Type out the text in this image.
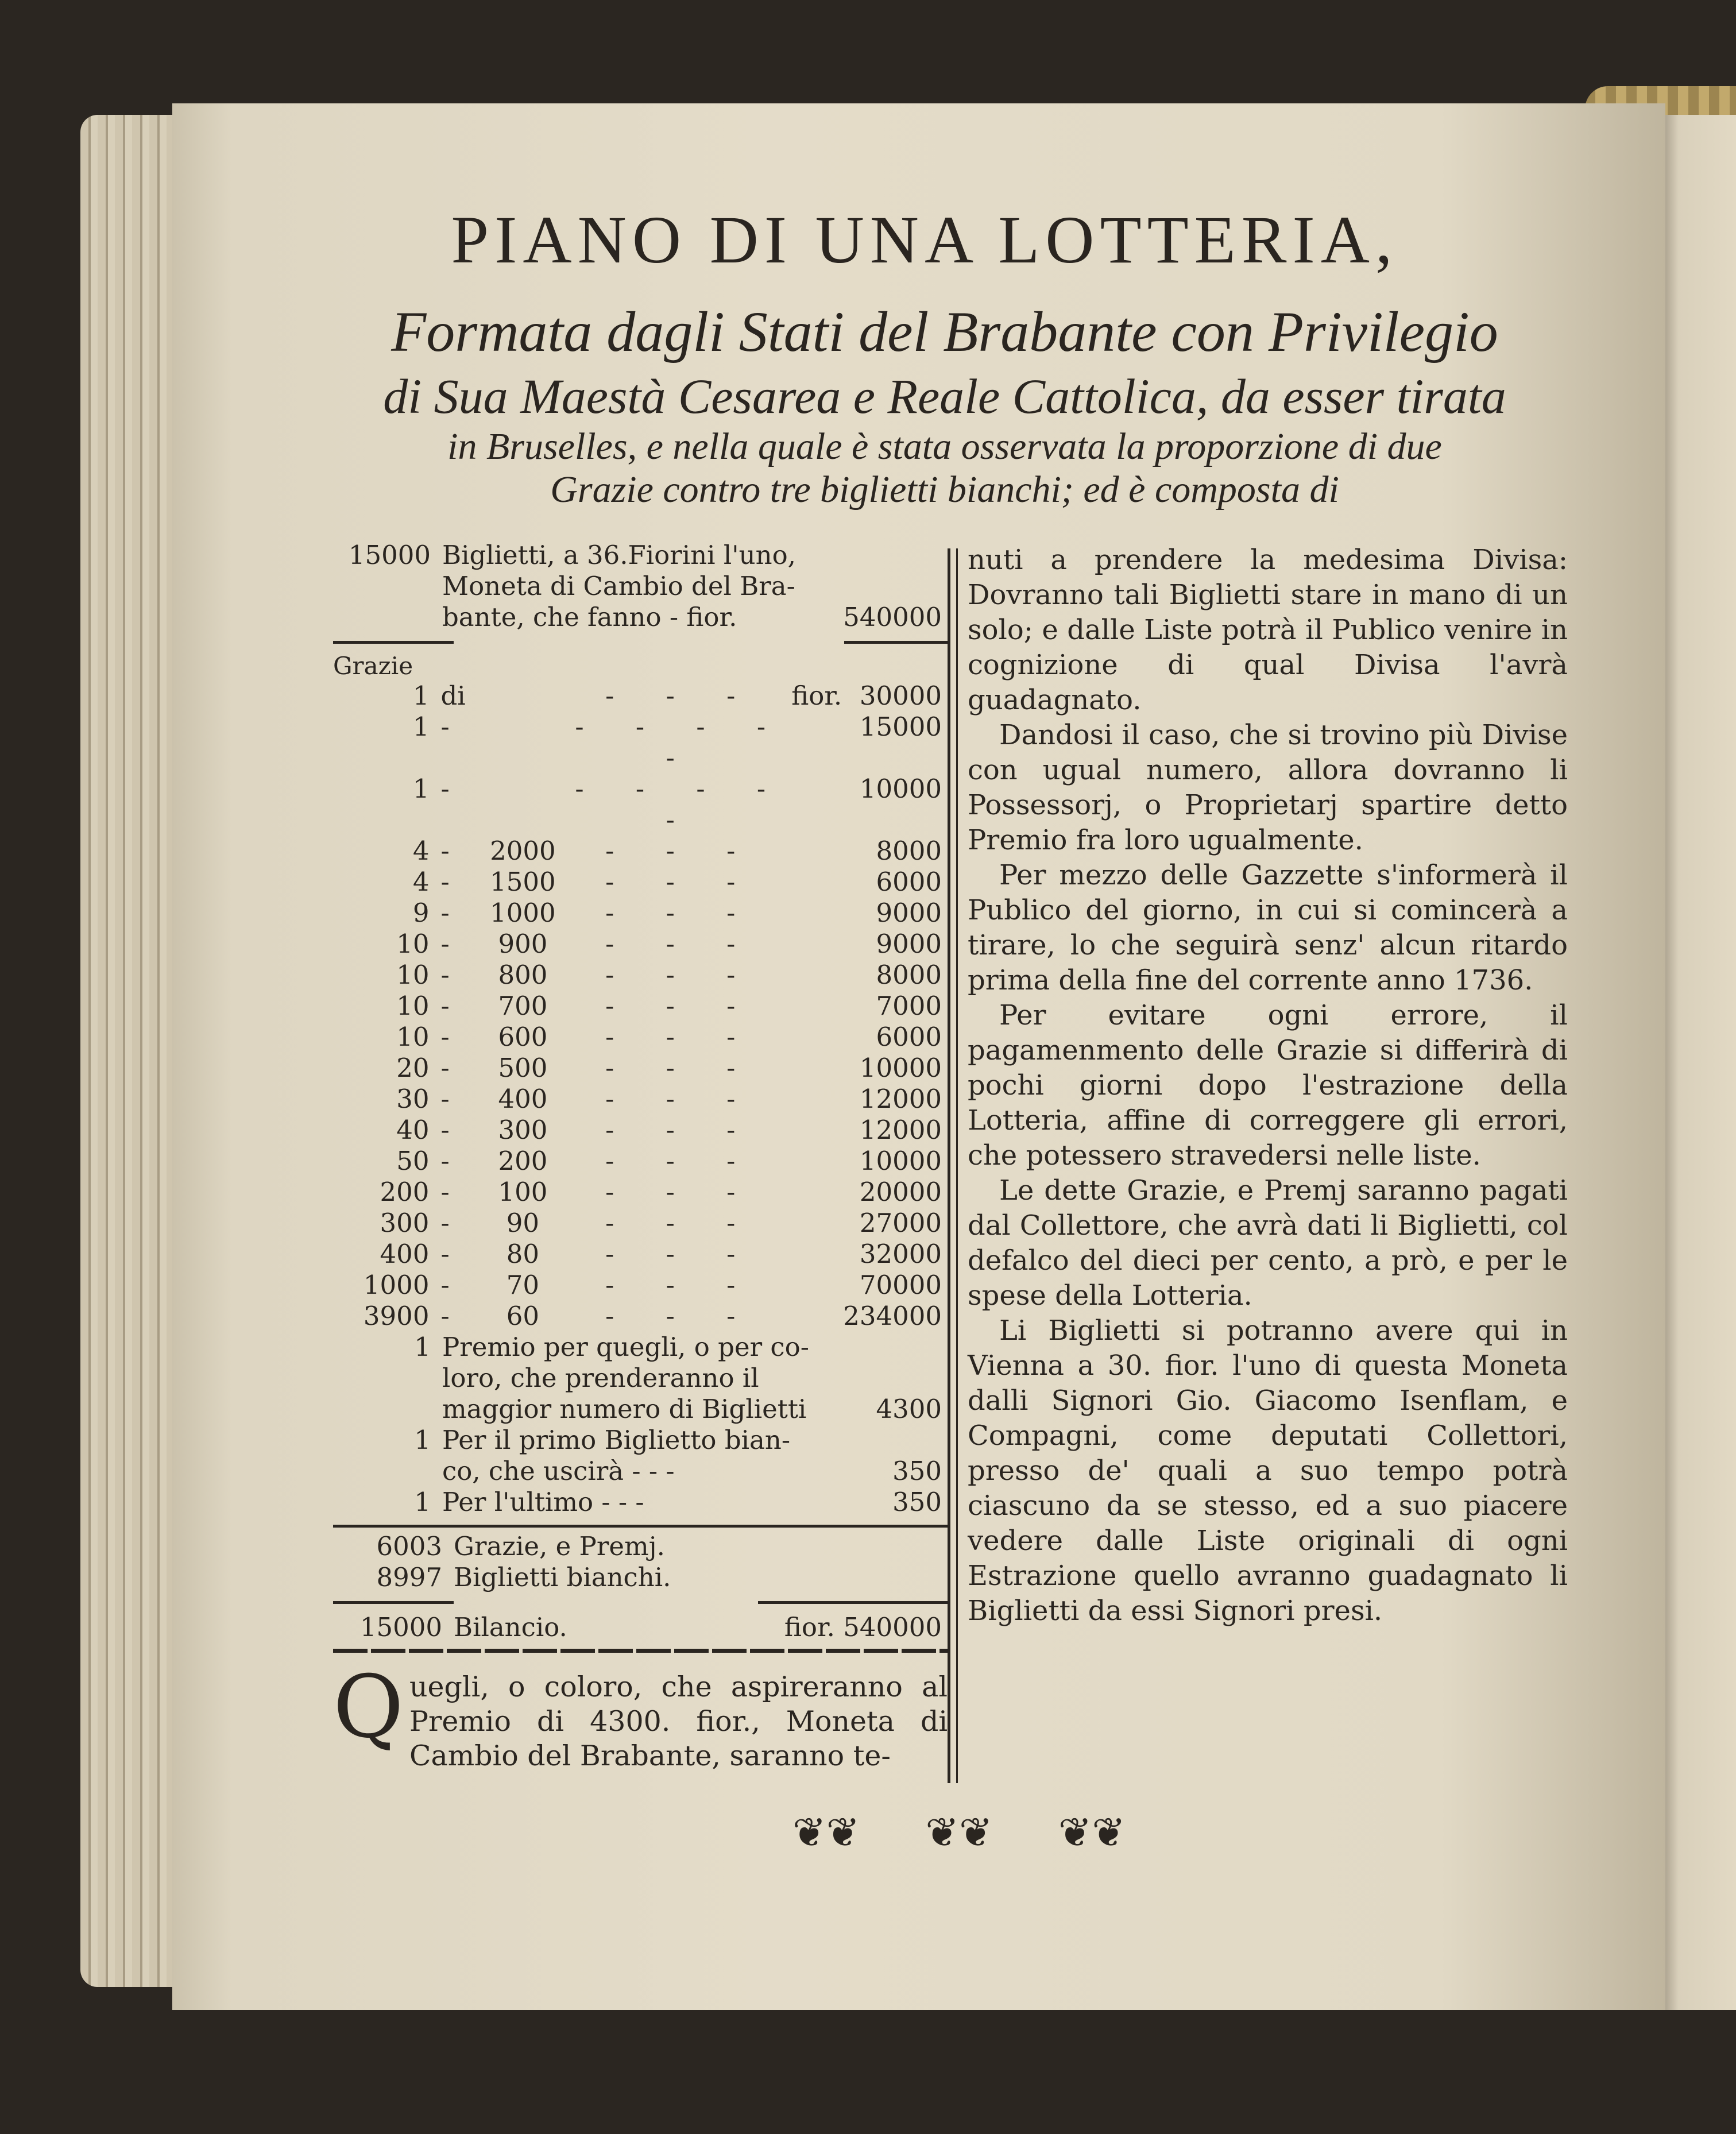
PIANO DI UNA LOTTERIA,

Formata dagli Stati del Brabante con Privilegio

di Sua Maestà Cesarea e Reale Cattolica, da esser tirata

in Bruselles, e nella quale è stata osservata la proporzione di due

Grazie contro tre biglietti bianchi; ed è composta di

15000 Biglietti, a 36.Fiorini l'uno,
Moneta di Cambio del Bra-
bante, che fanno - fior.	540000
Grazie
1	di		- - -	fior.	30000
1	-		- - - - -		15000
1	-		- - - - -		10000
4	-	2000	- - -		8000
4	-	1500	- - -		6000
9	-	1000	- - -		9000
10	-	900	- - -		9000
10	-	800	- - -		8000
10	-	700	- - -		7000
10	-	600	- - -		6000
20	-	500	- - -		10000
30	-	400	- - -		12000
40	-	300	- - -		12000
50	-	200	- - -		10000
200	-	100	- - -		20000
300	-	90	- - -		27000
400	-	80	- - -		32000
1000	-	70	- - -		70000
3900	-	60	- - -		234000
1 Premio per quegli, o per co-
loro, che prenderanno il
maggior numero di Biglietti	4300
1 Per il primo Biglietto bian-
co, che uscirà - - -	350
1 Per l'ultimo - - -	350
6003 Grazie, e Premj.
8997 Biglietti bianchi.
15000 Bilancio.	fior. 540000
Q uegli, o coloro, che aspireranno al Premio di 4300. fior., Moneta di Cambio del Brabante, saranno te-

nuti a prendere la medesima Divisa: Dovranno tali Biglietti stare in mano di un solo; e dalle Liste potrà il Publico venire in cognizione di qual Divisa l'avrà guadagnato.

Dandosi il caso, che si trovino più Divise con ugual numero, allora dovranno li Possessorj, o Proprietarj spartire detto Premio fra loro ugualmente.

Per mezzo delle Gazzette s'informerà il Publico del giorno, in cui si comincerà a tirare, lo che seguirà senz' alcun ritardo prima della fine del corrente anno 1736.

Per evitare ogni errore, il pagamenmento delle Grazie si differirà di pochi giorni dopo l'estrazione della Lotteria, affine di correggere gli errori, che potessero stravedersi nelle liste.

Le dette Grazie, e Premj saranno pagati dal Collettore, che avrà dati li Biglietti, col defalco del dieci per cento, a prò, e per le spese della Lotteria.

Li Biglietti si potranno avere qui in Vienna a 30. fior. l'uno di questa Moneta dalli Signori Gio. Giacomo Isenflam, e Compagni, come deputati Collettori, presso de' quali a suo tempo potrà ciascuno da se stesso, ed a suo piacere vedere dalle Liste originali di ogni Estrazione quello avranno guadagnato li Biglietti da essi Signori presi.

❦❦ ❦❦ ❦❦
